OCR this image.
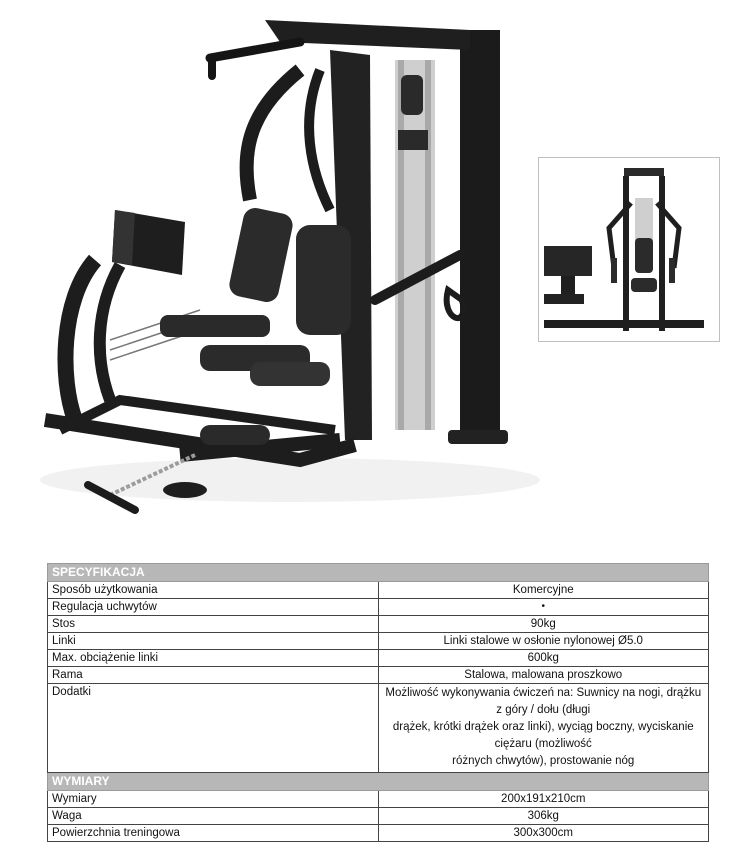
SPECYFIKACJA	
Sposób użytkowania	Komercyjne
Regulacja uchwytów	•
Stos	90kg
Linki	Linki stalowe w osłonie nylonowej Ø5.0
Max. obciążenie linki	600kg
Rama	Stalowa, malowana proszkowo
Dodatki	Możliwość wykonywania ćwiczeń na: Suwnicy na nogi, drążku z góry / dołu (długi
drążek, krótki drążek oraz linki), wyciąg boczny, wyciskanie ciężaru (możliwość
różnych chwytów), prostowanie nóg

WYMIARY	
Wymiary	200x191x210cm
Waga	306kg
Powierzchnia treningowa	300x300cm
